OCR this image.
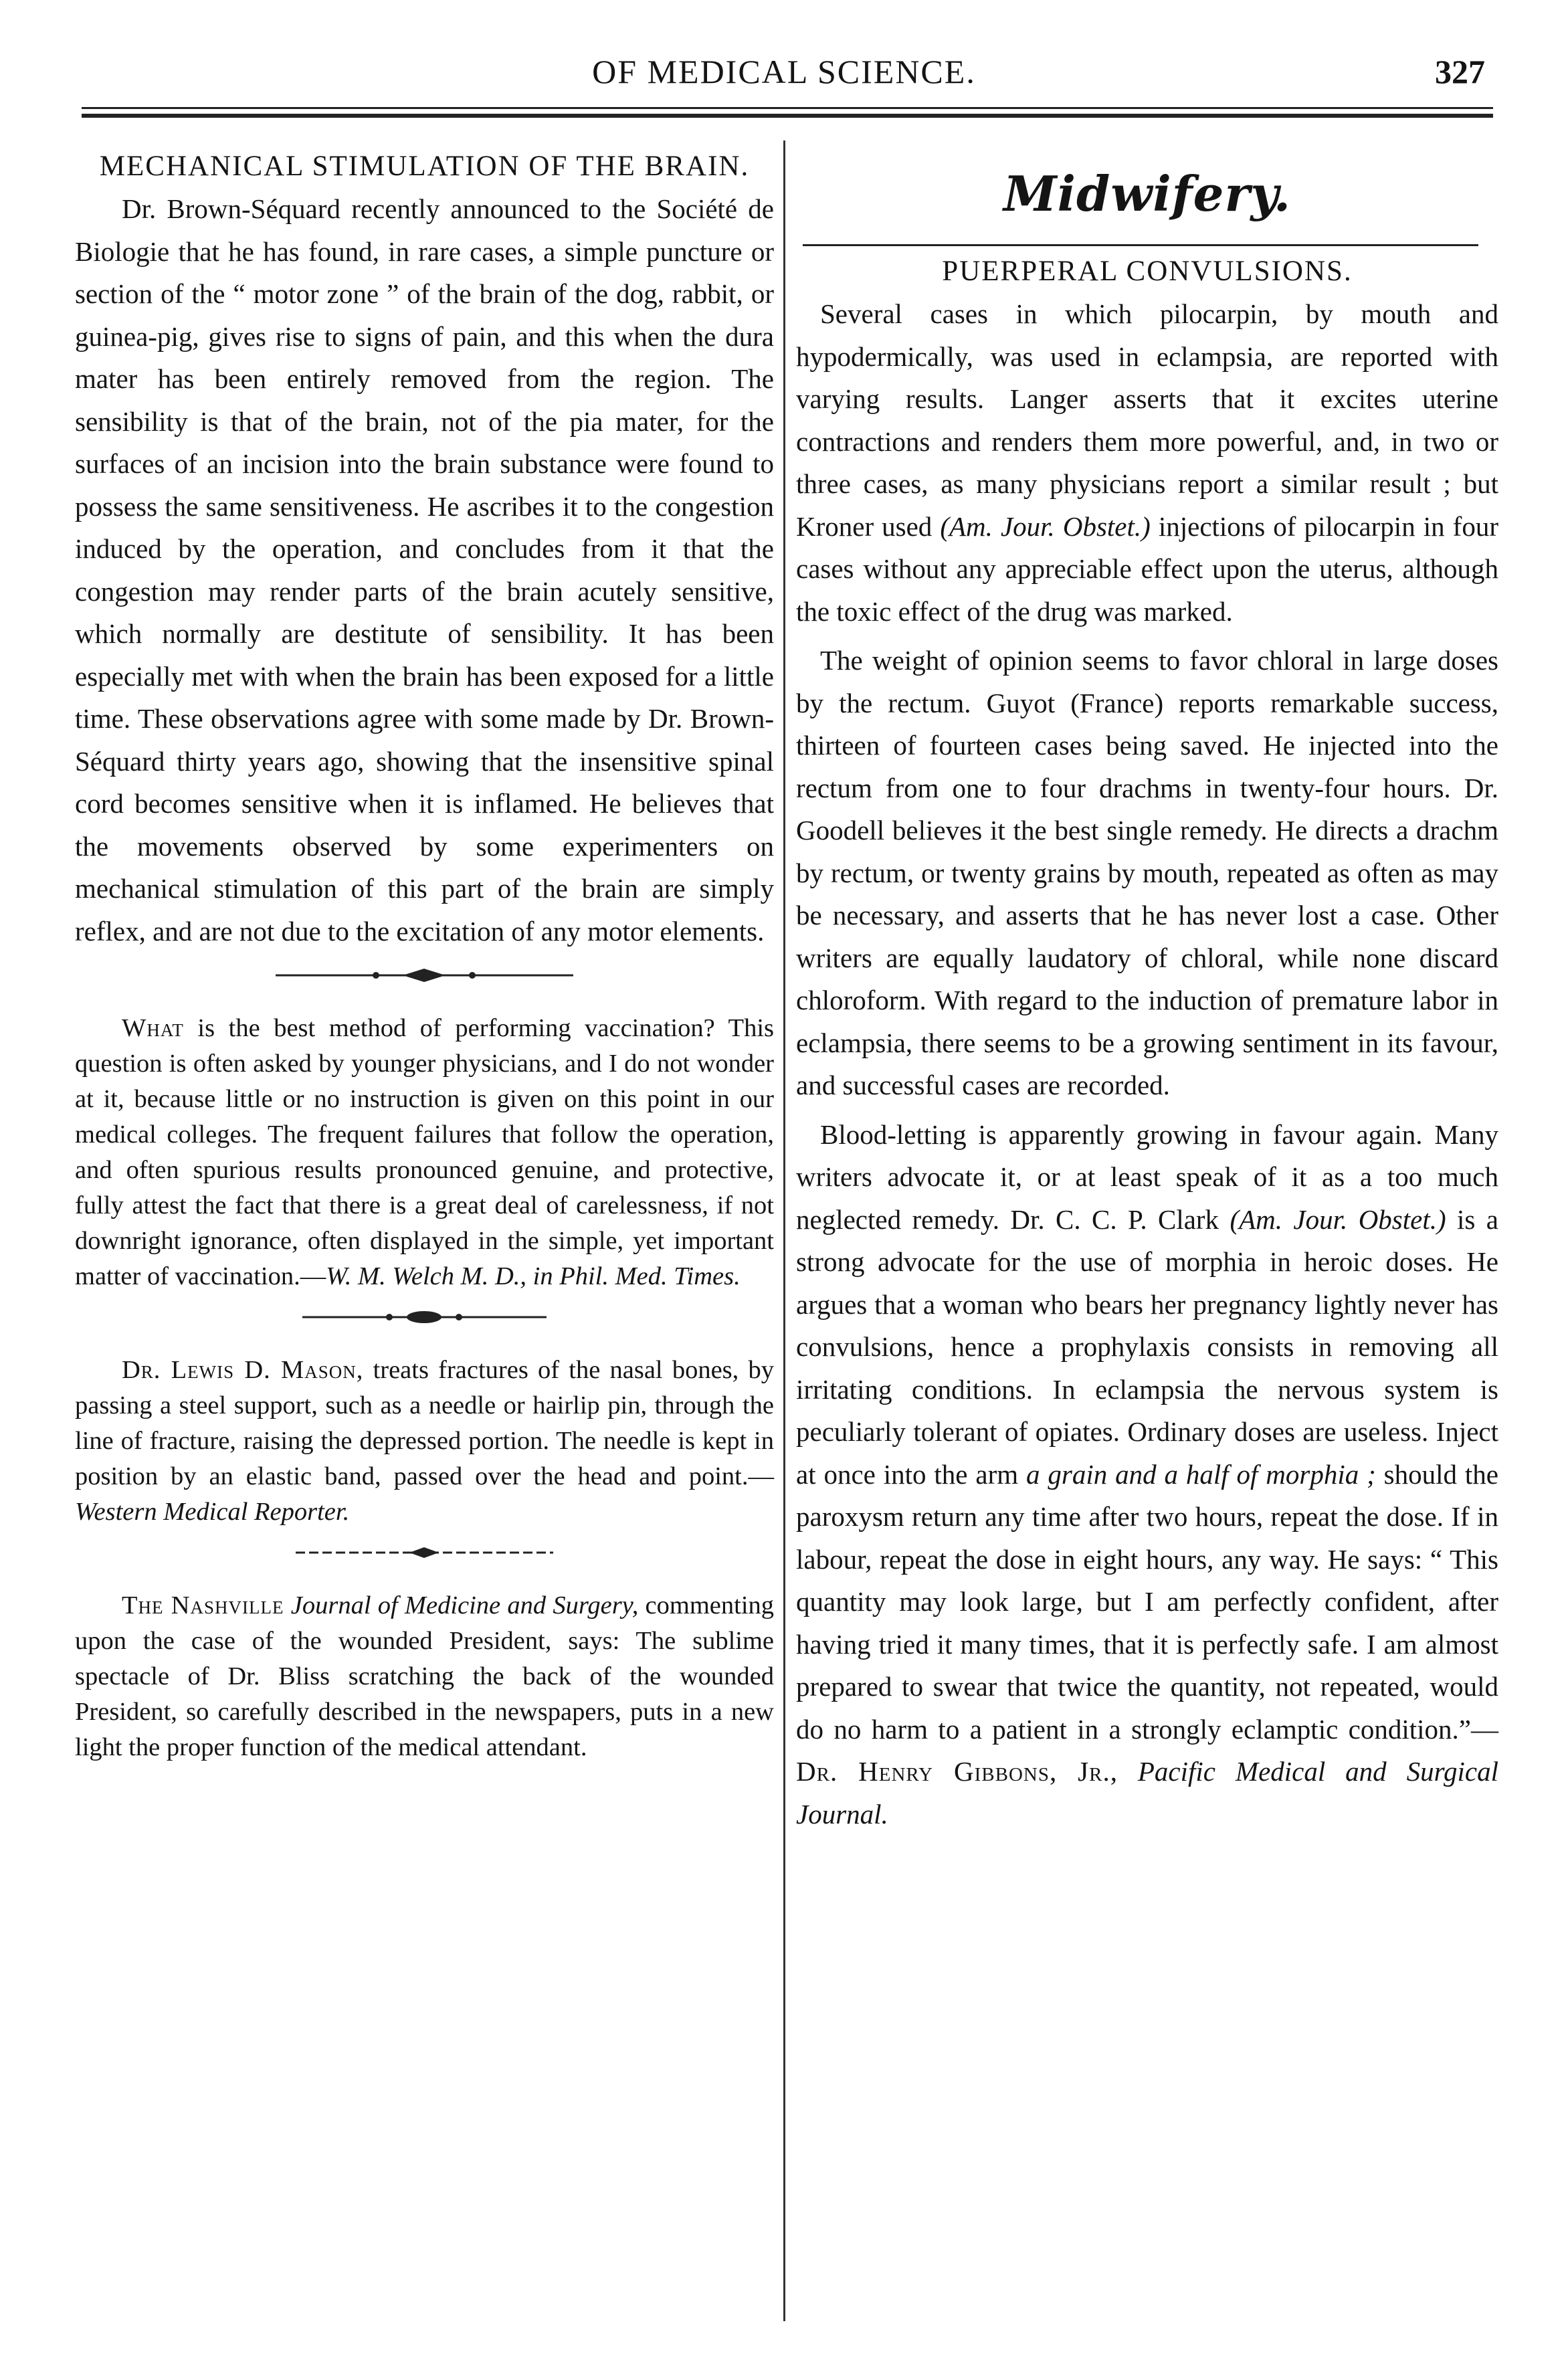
OF MEDICAL SCIENCE.	327
MECHANICAL STIMULATION OF THE BRAIN.

Dr. Brown-Séquard recently announced to the Société de Biologie that he has found, in rare cases, a simple puncture or section of the “ motor zone ” of the brain of the dog, rabbit, or guinea-pig, gives rise to signs of pain, and this when the dura mater has been entirely removed from the region. The sensibility is that of the brain, not of the pia mater, for the surfaces of an incision into the brain substance were found to possess the same sensitiveness. He ascribes it to the congestion induced by the operation, and concludes from it that the congestion may render parts of the brain acutely sensitive, which normally are destitute of sensibility. It has been especially met with when the brain has been exposed for a little time. These observations agree with some made by Dr. Brown-Séquard thirty years ago, showing that the insensitive spinal cord becomes sensitive when it is inflamed. He believes that the movements observed by some experimenters on mechanical stimulation of this part of the brain are simply reflex, and are not due to the excitation of any motor elements.

What is the best method of performing vaccination? This question is often asked by younger physicians, and I do not wonder at it, because little or no instruction is given on this point in our medical colleges. The frequent failures that follow the operation, and often spurious results pronounced genuine, and protective, fully attest the fact that there is a great deal of carelessness, if not downright ignorance, often displayed in the simple, yet important matter of vaccination.—W. M. Welch M. D., in Phil. Med. Times.

Dr. Lewis D. Mason, treats fractures of the nasal bones, by passing a steel support, such as a needle or hairlip pin, through the line of fracture, raising the depressed portion. The needle is kept in position by an elastic band, passed over the head and point.—Western Medical Reporter.

The Nashville Journal of Medicine and Surgery, commenting upon the case of the wounded President, says: The sublime spectacle of Dr. Bliss scratching the back of the wounded President, so carefully described in the newspapers, puts in a new light the proper function of the medical attendant.

Midwifery.
PUERPERAL CONVULSIONS.

Several cases in which pilocarpin, by mouth and hypodermically, was used in eclampsia, are reported with varying results. Langer asserts that it excites uterine contractions and renders them more powerful, and, in two or three cases, as many physicians report a similar result ; but Kroner used (Am. Jour. Obstet.) injections of pilocarpin in four cases without any appreciable effect upon the uterus, although the toxic effect of the drug was marked.

The weight of opinion seems to favor chloral in large doses by the rectum. Guyot (France) reports remarkable success, thirteen of fourteen cases being saved. He injected into the rectum from one to four drachms in twenty-four hours. Dr. Goodell believes it the best single remedy. He directs a drachm by rectum, or twenty grains by mouth, repeated as often as may be necessary, and asserts that he has never lost a case. Other writers are equally laudatory of chloral, while none discard chloroform. With regard to the induction of premature labor in eclampsia, there seems to be a growing sentiment in its favour, and successful cases are recorded.

Blood-letting is apparently growing in favour again. Many writers advocate it, or at least speak of it as a too much neglected remedy. Dr. C. C. P. Clark (Am. Jour. Obstet.) is a strong advocate for the use of morphia in heroic doses. He argues that a woman who bears her pregnancy lightly never has convulsions, hence a prophylaxis consists in removing all irritating conditions. In eclampsia the nervous system is peculiarly tolerant of opiates. Ordinary doses are useless. Inject at once into the arm a grain and a half of morphia ; should the paroxysm return any time after two hours, repeat the dose. If in labour, repeat the dose in eight hours, any way. He says: “ This quantity may look large, but I am perfectly confident, after having tried it many times, that it is perfectly safe. I am almost prepared to swear that twice the quantity, not repeated, would do no harm to a patient in a strongly eclamptic condition.”—Dr. Henry Gibbons, Jr., Pacific Medical and Surgical Journal.
